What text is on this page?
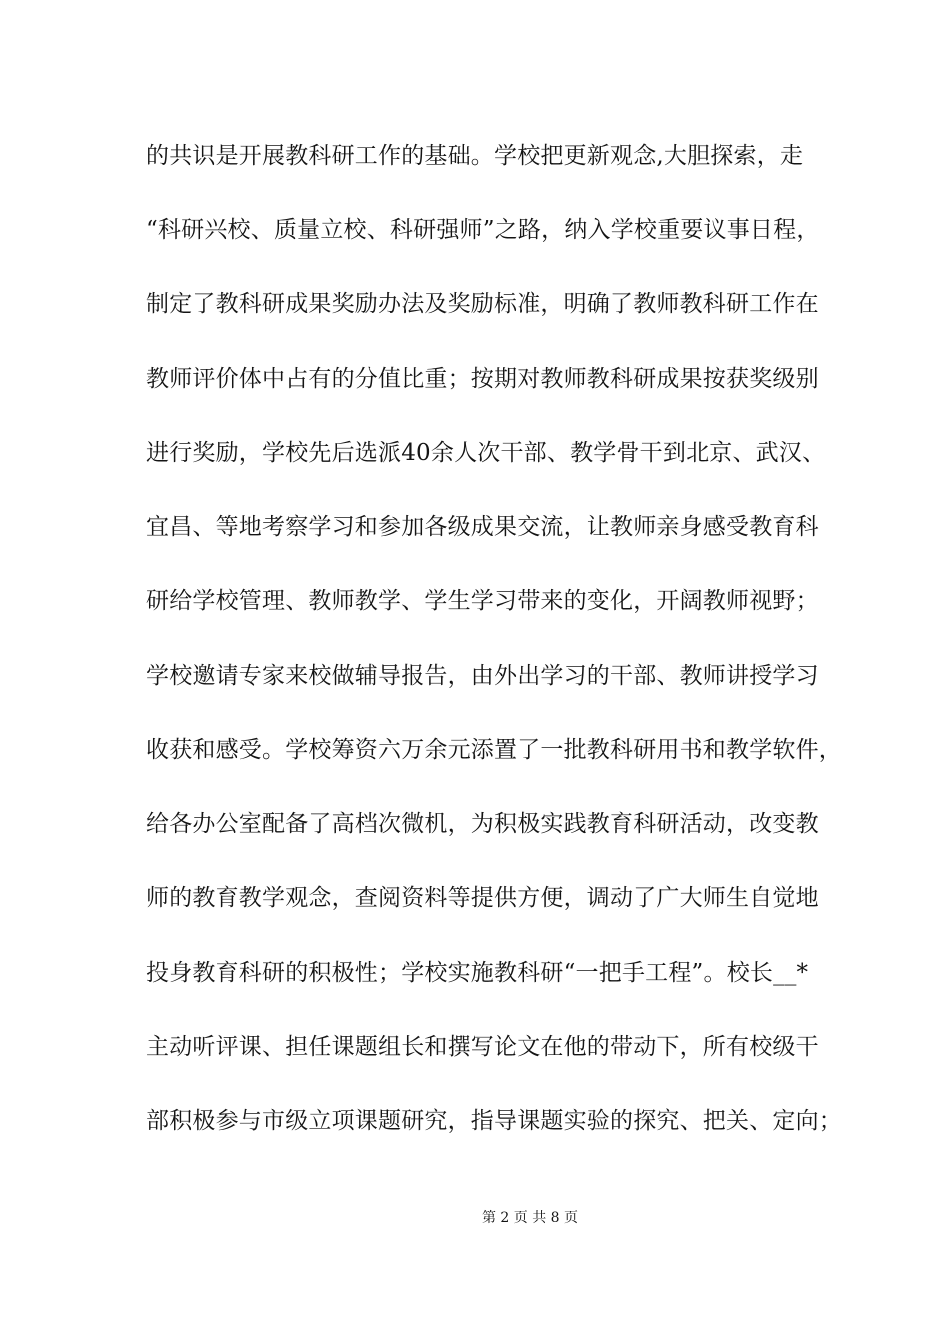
的共识是开展教科研工作的基础。学校把更新观念,大胆探索，走
“科研兴校、质量立校、科研强师”之路，纳入学校重要议事日程，
制定了教科研成果奖励办法及奖励标准，明确了教师教科研工作在
教师评价体中占有的分值比重；按期对教师教科研成果按获奖级别
进行奖励，学校先后选派40余人次干部、教学骨干到北京、武汉、
宜昌、等地考察学习和参加各级成果交流，让教师亲身感受教育科
研给学校管理、教师教学、学生学习带来的变化，开阔教师视野；
学校邀请专家来校做辅导报告，由外出学习的干部、教师讲授学习
收获和感受。学校筹资六万余元添置了一批教科研用书和教学软件，
给各办公室配备了高档次微机，为积极实践教育科研活动，改变教
师的教育教学观念，查阅资料等提供方便，调动了广大师生自觉地
投身教育科研的积极性；学校实施教科研“一把手工程”。校长__*
主动听评课、担任课题组长和撰写论文在他的带动下，所有校级干
部积极参与市级立项课题研究，指导课题实验的探究、把关、定向；
第 2 页 共 8 页
